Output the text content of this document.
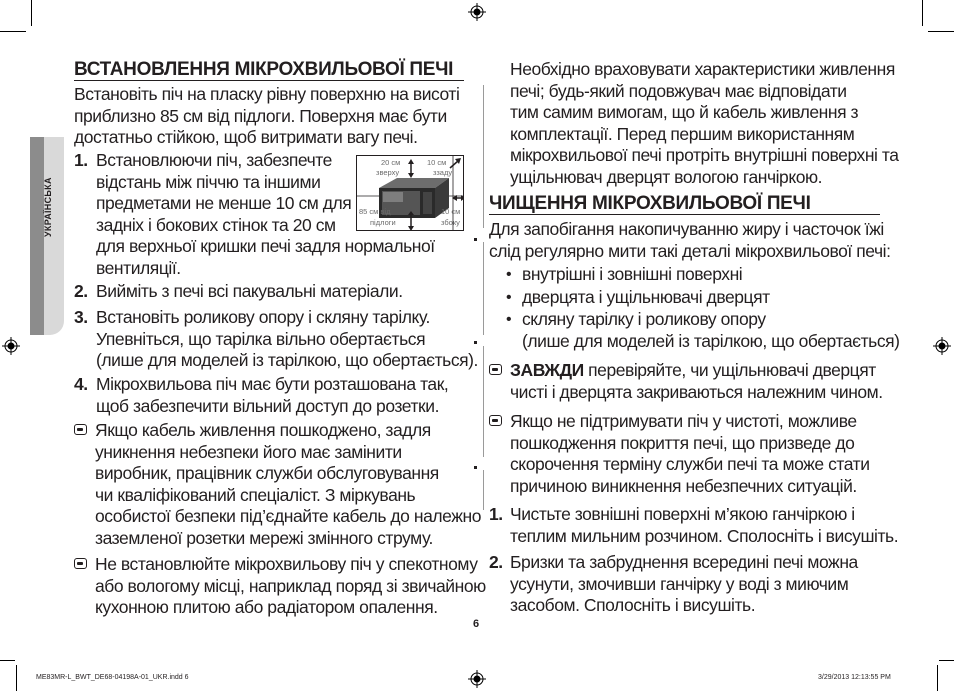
УКРАЇНСЬКА
ВСТАНОВЛЕННЯ МІКРОХВИЛЬОВОЇ ПЕЧІ
Встановіть піч на пласку рівну поверхню на висоті
приблизно 85 см від підлоги. Поверхня має бути
достатньо стійкою, щоб витримати вагу печі.
1. Встановлюючи піч, забезпечте
відстань між піччю та іншими
предметами не менше 10 см для
задніх і бокових стінок та 20 см
для верхньої кришки печі задля нормальної
вентиляції.
20 см
зверху
10 см
ззаду
85 см від
підлоги
10 см
збоку
2. Вийміть з печі всі пакувальні матеріали.
3. Встановіть роликову опору і скляну тарілку.
Упевніться, що тарілка вільно обертається
(лише для моделей із тарілкою, що обертається).
4. Мікрохвильова піч має бути розташована так,
щоб забезпечити вільний доступ до розетки.
Якщо кабель живлення пошкоджено, задля
уникнення небезпеки його має замінити
виробник, працівник служби обслуговування
чи кваліфікований спеціаліст. З міркувань
особистої безпеки під’єднайте кабель до належно
заземленої розетки мережі змінного струму.
Не встановлюйте мікрохвильову піч у спекотному
або вологому місці, наприклад поряд зі звичайною
кухонною плитою або радіатором опалення.
Необхідно враховувати характеристики живлення
печі; будь-який подовжувач має відповідати
тим самим вимогам, що й кабель живлення з
комплектації. Перед першим використанням
мікрохвильової печі протріть внутрішні поверхні та
ущільнювач дверцят вологою ганчіркою.
ЧИЩЕННЯ МІКРОХВИЛЬОВОЇ ПЕЧІ
Для запобігання накопичуванню жиру і часточок їжі
слід регулярно мити такі деталі мікрохвильової печі:
• внутрішні і зовнішні поверхні
• дверцята і ущільнювачі дверцят
• скляну тарілку і роликову опору
(лише для моделей із тарілкою, що обертається)
ЗАВЖДИ перевіряйте, чи ущільнювачі дверцят
чисті і дверцята закриваються належним чином.
Якщо не підтримувати піч у чистоті, можливе
пошкодження покриття печі, що призведе до
скорочення терміну служби печі та може стати
причиною виникнення небезпечних ситуацій.
1. Чистьте зовнішні поверхні м’якою ганчіркою і
теплим мильним розчином. Сполосніть і висушіть.
2. Бризки та забруднення всередині печі можна
усунути, змочивши ганчірку у воді з миючим
засобом. Сполосніть і висушіть.
6
ME83MR-L_BWT_DE68-04198A-01_UKR.indd 6	3/29/2013 12:13:55 PM
